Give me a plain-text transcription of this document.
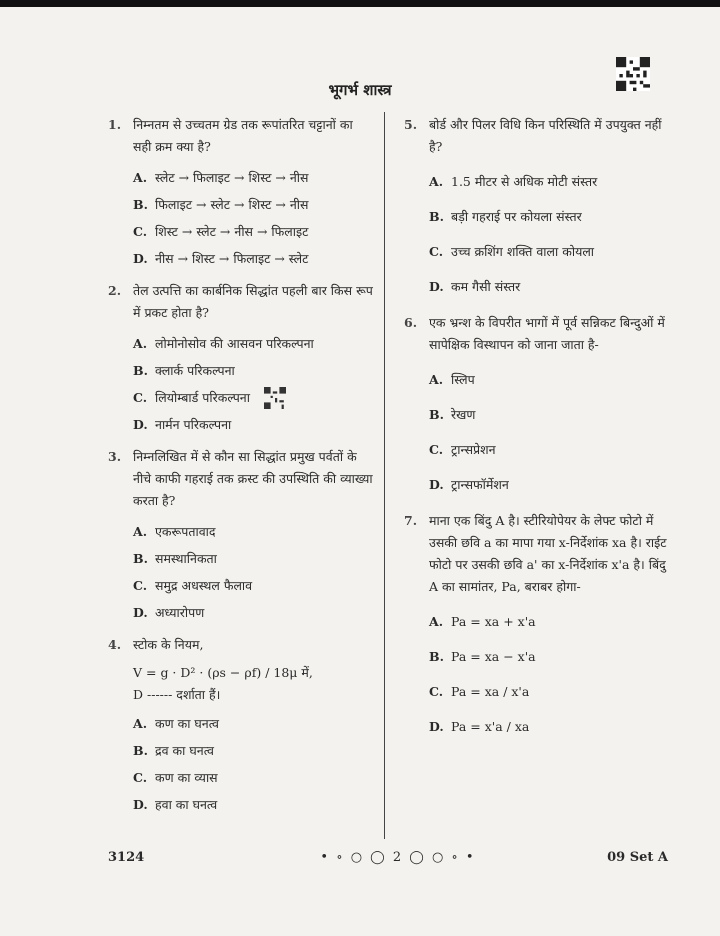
भूगर्भ शास्त्र
1. निम्नतम से उच्चतम ग्रेड तक रूपांतरित चट्टानों का सही क्रम क्या है?
A. स्लेट → फिलाइट → शिस्ट → नीस
B. फिलाइट → स्लेट → शिस्ट → नीस
C. शिस्ट → स्लेट → नीस → फिलाइट
D. नीस → शिस्ट → फिलाइट → स्लेट
2. तेल उत्पत्ति का कार्बनिक सिद्धांत पहली बार किस रूप में प्रकट होता है?
A. लोमोनोसोव की आसवन परिकल्पना
B. क्लार्क परिकल्पना
C. लियोम्बार्ड परिकल्पना
D. नार्मन परिकल्पना
3. निम्नलिखित में से कौन सा सिद्धांत प्रमुख पर्वतों के नीचे काफी गहराई तक क्रस्ट की उपस्थिति की व्याख्या करता है?
A. एकरूपतावाद
B. समस्थानिकता
C. समुद्र अधस्थल फैलाव
D. अध्यारोपण
4. स्टोक के नियम,
V = g · D² · (ρs − ρf) / 18μ में,
D ------ दर्शाता हैं।
A. कण का घनत्व
B. द्रव का घनत्व
C. कण का व्यास
D. हवा का घनत्व
5. बोर्ड और पिलर विधि किन परिस्थिति में उपयुक्त नहीं है?
A. 1.5 मीटर से अधिक मोटी संस्तर
B. बड़ी गहराई पर कोयला संस्तर
C. उच्च क्रशिंग शक्ति वाला कोयला
D. कम गैसी संस्तर
6. एक भ्रन्श के विपरीत भागों में पूर्व सन्निकट बिन्दुओं में सापेक्षिक विस्थापन को जाना जाता है-
A. स्लिप
B. रेखण
C. ट्रान्सप्रेशन
D. ट्रान्सफॉर्मेशन
7. माना एक बिंदु A है। स्टीरियोपेयर के लेफ्ट फोटो में उसकी छवि a का मापा गया x-निर्देशांक xa है। राईट फोटो पर उसकी छवि a' का x-निर्देशांक x'a है। बिंदु A का सामांतर, Pa, बराबर होगा-
A. Pa = xa + x'a
B. Pa = xa − x'a
C. Pa = xa / x'a
D. Pa = x'a / xa
3124	• ∘ ○ ◯ 2 ◯ ○ ∘ •	09 Set A
